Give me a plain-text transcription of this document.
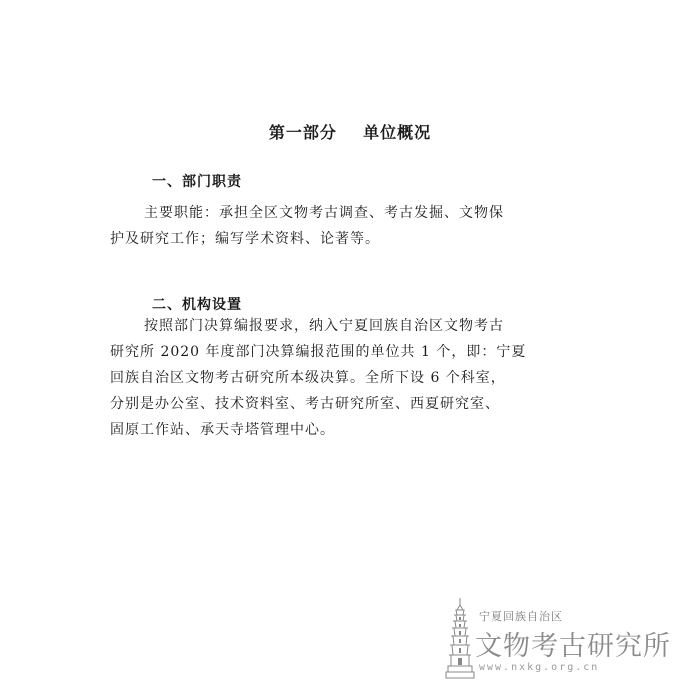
第一部分    单位概况
一、部门职责
主要职能：承担全区文物考古调查、考古发掘、文物保
护及研究工作；编写学术资料、论著等。
二、机构设置
按照部门决算编报要求，纳入宁夏回族自治区文物考古
研究所 2020 年度部门决算编报范围的单位共 1 个，即：宁夏
回族自治区文物考古研究所本级决算。全所下设 6 个科室，
分别是办公室、技术资料室、考古研究所室、西夏研究室、
固原工作站、承天寺塔管理中心。
宁夏回族自治区
文物考古研究所
www.nxkg.org.cn
